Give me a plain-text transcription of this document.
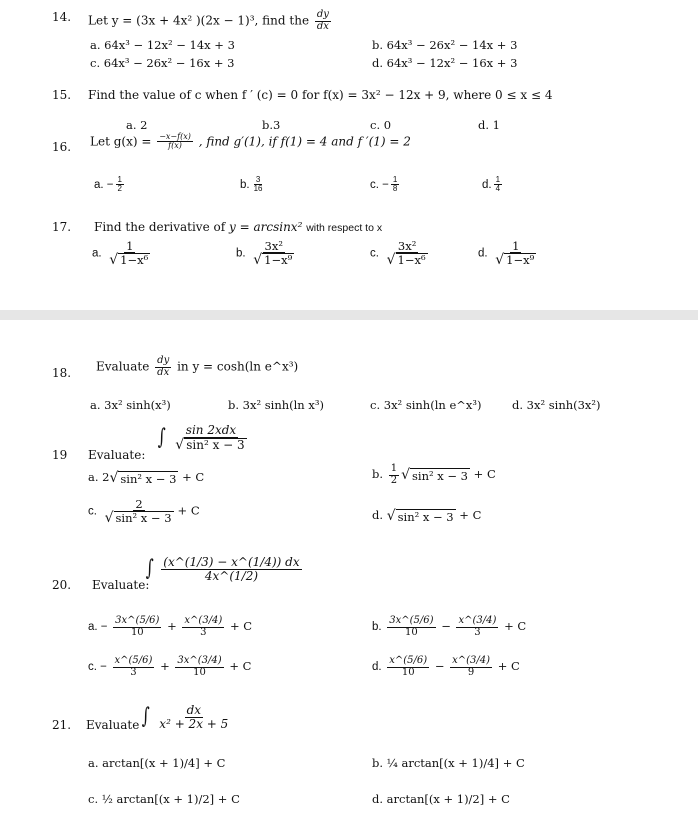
14. Let y = (3x + 4x² )(2x − 1)³, find the $\frac{dy}{dx}$
a. 64x³ − 12x² − 14x + 3	b. 64x³ − 26x² − 14x + 3
c. 64x³ − 26x² − 16x + 3	d. 64x³ − 12x² − 16x + 3
15. Find the value of c when f ′ (c) = 0 for f(x) = 3x² − 12x + 9, where 0 ≤ x ≤ 4
a. 2	b.3	c. 0	d. 1
16. Let $g(x) = \frac{-x-f(x)}{f(x)}$ , find g′(1), if f(1) = 4 and f ′(1) = 2
a. − $\frac{1}{2}$	b. $\frac{3}{16}$	c. − $\frac{1}{8}$	d. $\frac{1}{4}$
17. Find the derivative of y = arcsinx² with respect to x
a. $\frac{1}{\text{√ 1−x⁶}}$	b. $\frac{\text{3x²}}{\text{√ 1−x⁹}}$	c. $\frac{\text{3x²}}{\text{√ 1−x⁶}}$	d. $\frac{1}{\text{√ 1−x⁹}}$
18. Evaluate $\frac{dy}{dx}$ in y = cosh(ln e^x³)
a. 3x² sinh(x³)	b. 3x² sinh(ln x³)	c. 3x² sinh(ln e^x³)	d. 3x² sinh(3x²)
19 Evaluate:
∫ $\frac{\text{sin 2xdx}}{\text{√ sin² x − 3}}$
a. 2 √ sin² x − 3 + C	b. $\frac{1}{2}$ √ sin² x − 3 + C
c. $\frac{2}{\text{√ sin² x − 3}} + C$	d. √ sin² x − 3 + C
20. Evaluate:
∫ $\frac{(x\^{}(1/3) - x\^{}(1/4)) dx}{4x\^{}(1/2)}$
a. − $\frac{3x\^{}(5/6)}{10} + \frac{x\^{}(3/4)}{3} + C$	b. $\frac{3x\^{}(5/6)}{10} - \frac{x\^{}(3/4)}{3} + C$
c. − $\frac{x\^{}(5/6)}{3} + \frac{3x\^{}(3/4)}{10} + C$	d. $\frac{x\^{}(5/6)}{10} - \frac{x\^{}(3/4)}{9} + C$
21. Evaluate ∫ $\frac{dx}{\text{x² + 2x + 5}}$
a. arctan[(x + 1)/4] + C	b. ¼ arctan[(x + 1)/4] + C
c. ½ arctan[(x + 1)/2] + C	d. arctan[(x + 1)/2] + C
